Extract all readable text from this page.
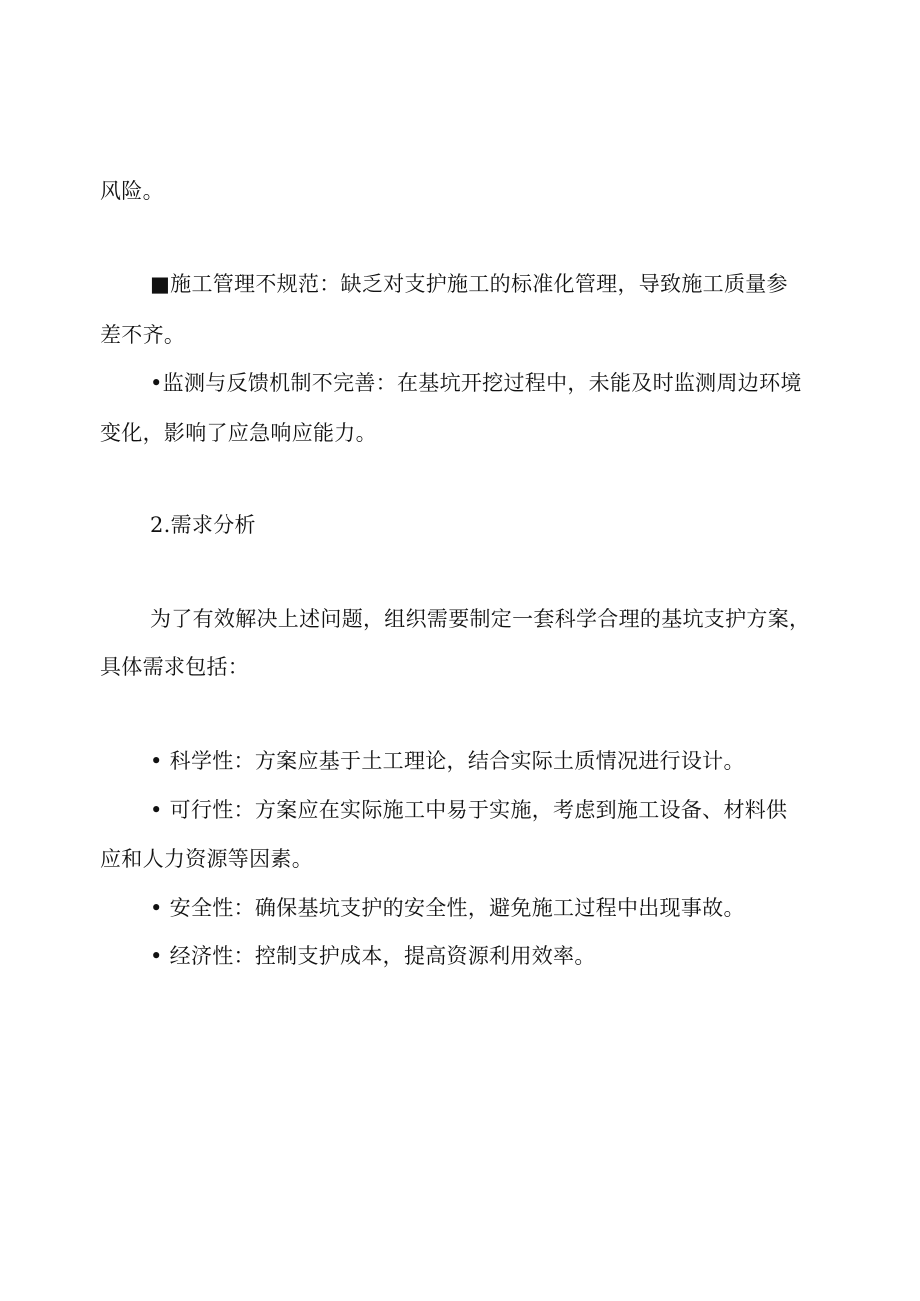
风险。
■施工管理不规范：缺乏对支护施工的标准化管理，导致施工质量参
差不齐。
•监测与反馈机制不完善：在基坑开挖过程中，未能及时监测周边环境
变化，影响了应急响应能力。
2.需求分析
为了有效解决上述问题，组织需要制定一套科学合理的基坑支护方案，
具体需求包括：
• 科学性：方案应基于土工理论，结合实际土质情况进行设计。
• 可行性：方案应在实际施工中易于实施，考虑到施工设备、材料供
应和人力资源等因素。
• 安全性：确保基坑支护的安全性，避免施工过程中出现事故。
• 经济性：控制支护成本，提高资源利用效率。
